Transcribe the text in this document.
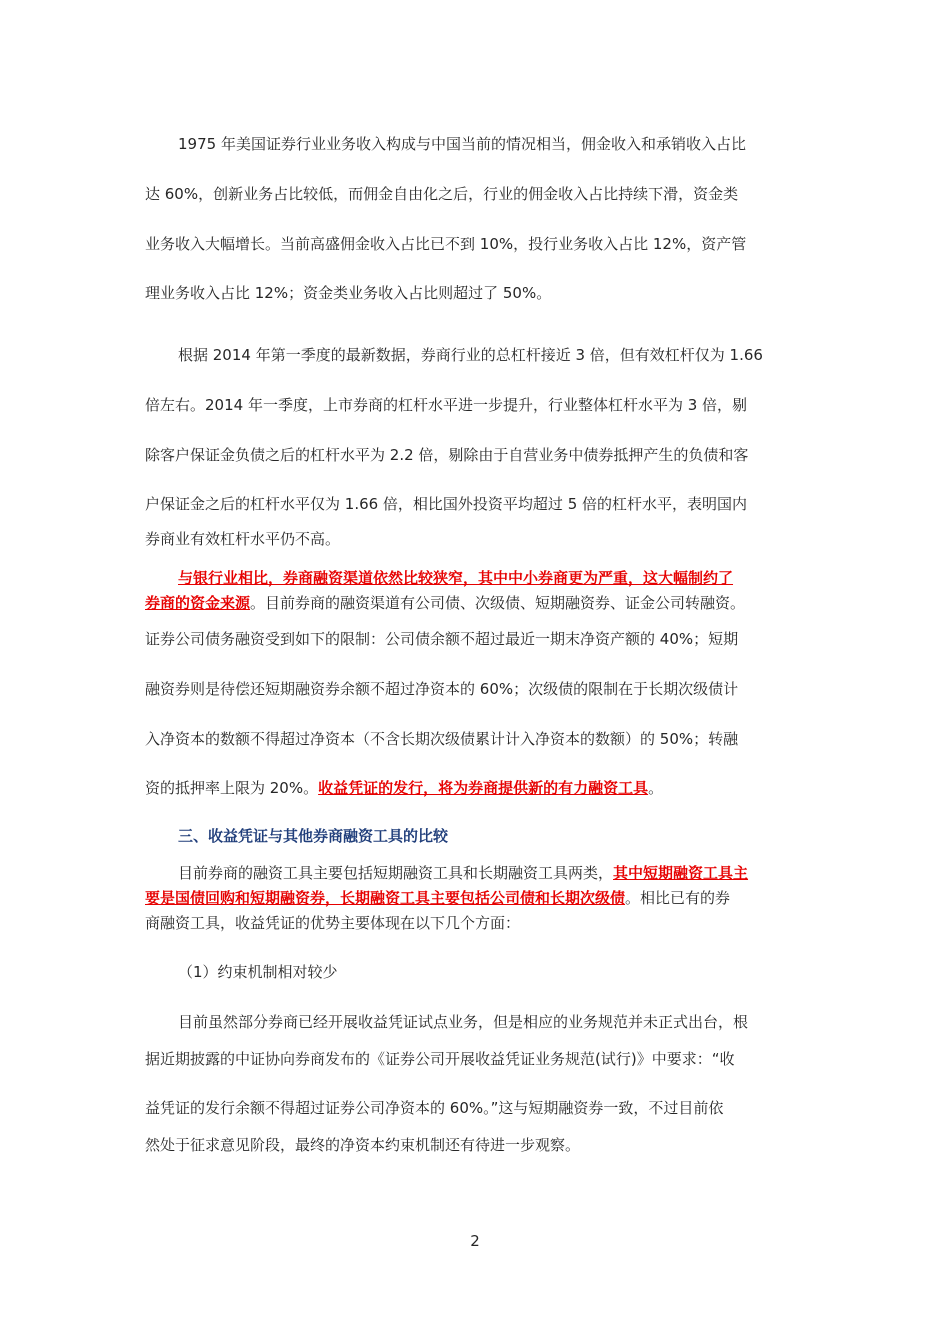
1975 年美国证券行业业务收入构成与中国当前的情况相当，佣金收入和承销收入占比
达 60%，创新业务占比较低，而佣金自由化之后，行业的佣金收入占比持续下滑，资金类
业务收入大幅增长。当前高盛佣金收入占比已不到 10%，投行业务收入占比 12%，资产管
理业务收入占比 12%；资金类业务收入占比则超过了 50%。
根据 2014 年第一季度的最新数据，券商行业的总杠杆接近 3 倍，但有效杠杆仅为 1.66
倍左右。2014 年一季度，上市券商的杠杆水平进一步提升，行业整体杠杆水平为 3 倍，剔
除客户保证金负债之后的杠杆水平为 2.2 倍，剔除由于自营业务中债券抵押产生的负债和客
户保证金之后的杠杆水平仅为 1.66 倍，相比国外投资平均超过 5 倍的杠杆水平，表明国内
券商业有效杠杆水平仍不高。
与银行业相比，券商融资渠道依然比较狭窄，其中中小券商更为严重，这大幅制约了
券商的资金来源。目前券商的融资渠道有公司债、次级债、短期融资券、证金公司转融资。
证券公司债务融资受到如下的限制：公司债余额不超过最近一期末净资产额的 40%；短期
融资券则是待偿还短期融资券余额不超过净资本的 60%；次级债的限制在于长期次级债计
入净资本的数额不得超过净资本（不含长期次级债累计计入净资本的数额）的 50%；转融
资的抵押率上限为 20%。收益凭证的发行，将为券商提供新的有力融资工具。
三、收益凭证与其他券商融资工具的比较
目前券商的融资工具主要包括短期融资工具和长期融资工具两类，其中短期融资工具主
要是国债回购和短期融资券，长期融资工具主要包括公司债和长期次级债。相比已有的券
商融资工具，收益凭证的优势主要体现在以下几个方面：
（1）约束机制相对较少
目前虽然部分券商已经开展收益凭证试点业务，但是相应的业务规范并未正式出台，根
据近期披露的中证协向券商发布的《证券公司开展收益凭证业务规范(试行)》中要求：“收
益凭证的发行余额不得超过证券公司净资本的 60%。”这与短期融资券一致，不过目前依
然处于征求意见阶段，最终的净资本约束机制还有待进一步观察。
2
